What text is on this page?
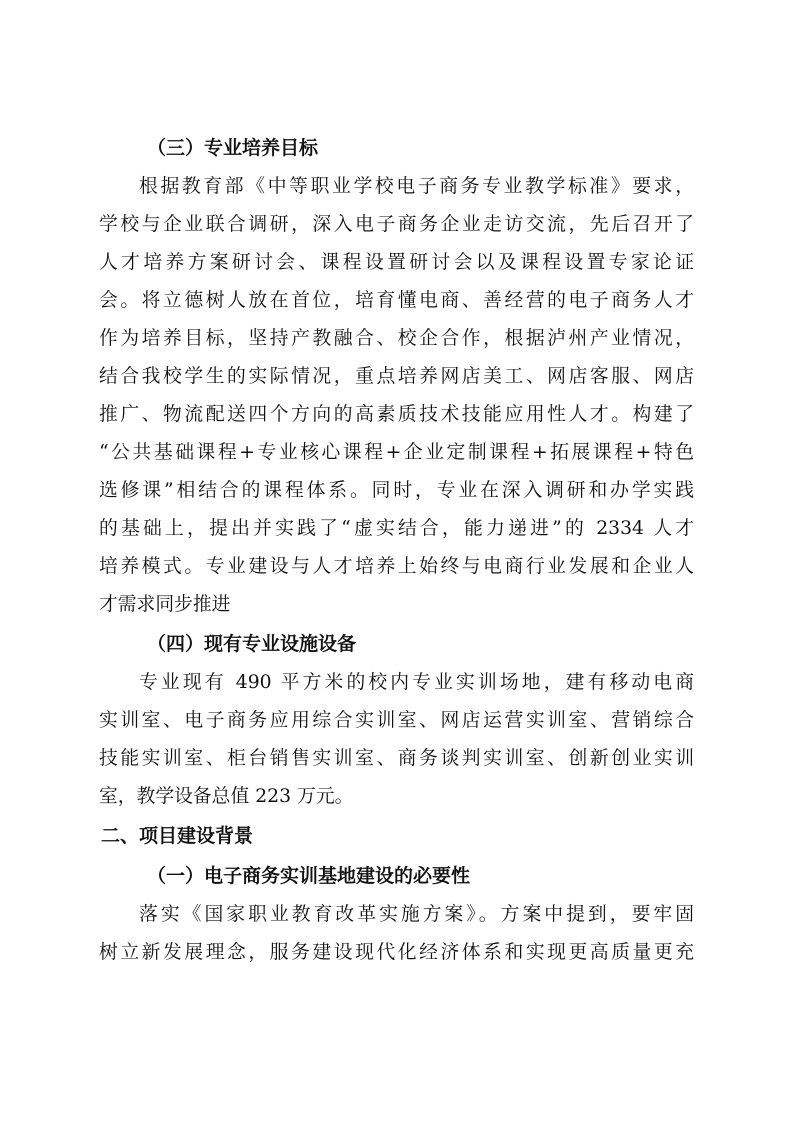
（三）专业培养目标
根据教育部《中等职业学校电子商务专业教学标准》要求，
学校与企业联合调研，深入电子商务企业走访交流，先后召开了
人才培养方案研讨会、课程设置研讨会以及课程设置专家论证
会。将立德树人放在首位，培育懂电商、善经营的电子商务人才
作为培养目标，坚持产教融合、校企合作，根据泸州产业情况，
结合我校学生的实际情况，重点培养网店美工、网店客服、网店
推广、物流配送四个方向的高素质技术技能应用性人才。构建了
“公共基础课程+专业核心课程+企业定制课程+拓展课程+特色
选修课”相结合的课程体系。同时，专业在深入调研和办学实践
的基础上，提出并实践了“虚实结合，能力递进”的 2334 人才
培养模式。专业建设与人才培养上始终与电商行业发展和企业人
才需求同步推进
（四）现有专业设施设备
专业现有 490 平方米的校内专业实训场地，建有移动电商
实训室、电子商务应用综合实训室、网店运营实训室、营销综合
技能实训室、柜台销售实训室、商务谈判实训室、创新创业实训
室，教学设备总值 223 万元。
二、项目建设背景
（一）电子商务实训基地建设的必要性
落实《国家职业教育改革实施方案》。方案中提到，要牢固
树立新发展理念，服务建设现代化经济体系和实现更高质量更充
